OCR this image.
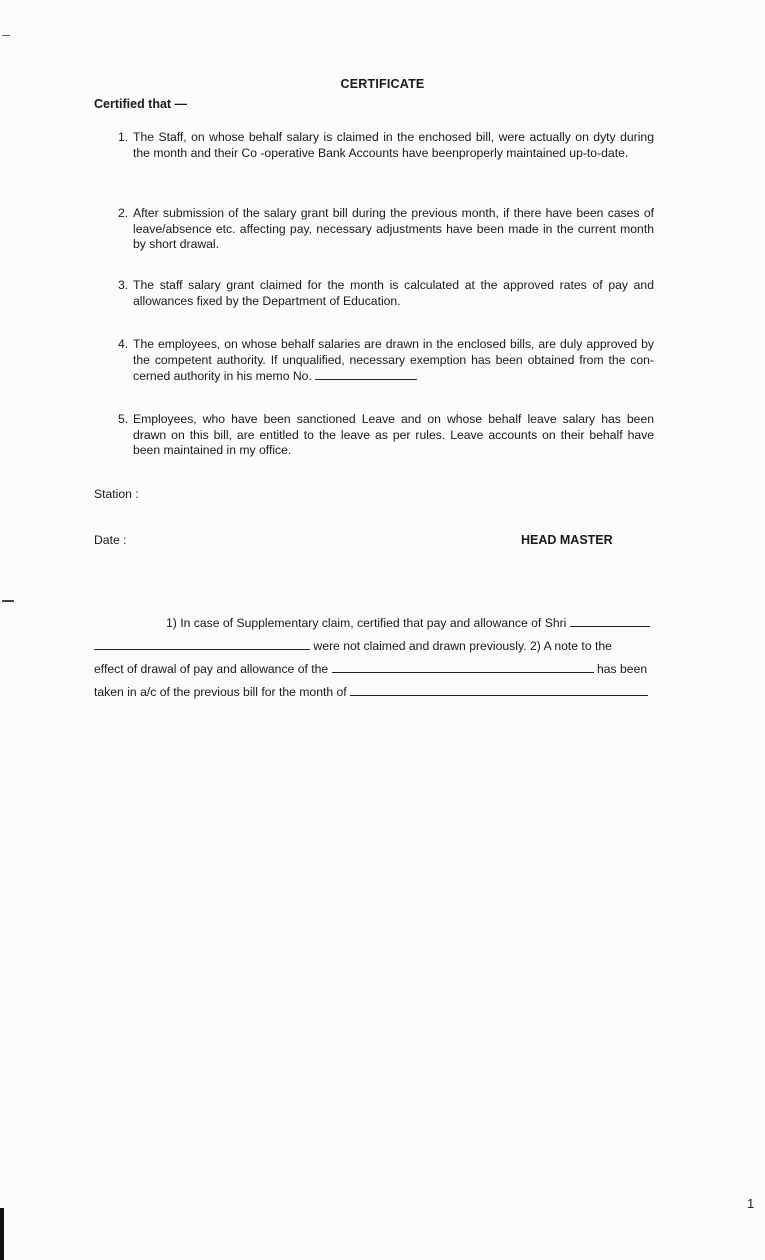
CERTIFICATE
Certified that —
1. The Staff, on whose behalf salary is claimed in the enchosed bill, were actually on dyty during the month and their Co -operative Bank Accounts have beenproperly maintained up-to-date.
2. After submission of the salary grant bill during the previous month, if there have been cases of leave/absence etc. affecting pay, necessary adjustments have been made in the current month by short drawal.
3. The staff salary grant claimed for the month is calculated at the approved rates of pay and allowances fixed by the Department of Education.
4. The employees, on whose behalf salaries are drawn in the enclosed bills, are duly approved by the competent authority. If unqualified, necessary exemption has been obtained from the con-cerned authority in his memo No.
5. Employees, who have been sanctioned Leave and on whose behalf leave salary has been drawn on this bill, are entitled to the leave as per rules. Leave accounts on their behalf have been maintained in my office.
Station :
Date :	HEAD MASTER
1) In case of Supplementary claim, certified that pay and allowance of Shri
were not claimed and drawn previously. 2) A note to the
effect of drawal of pay and allowance of the	has been
taken in a/c of the previous bill for the month of
1
